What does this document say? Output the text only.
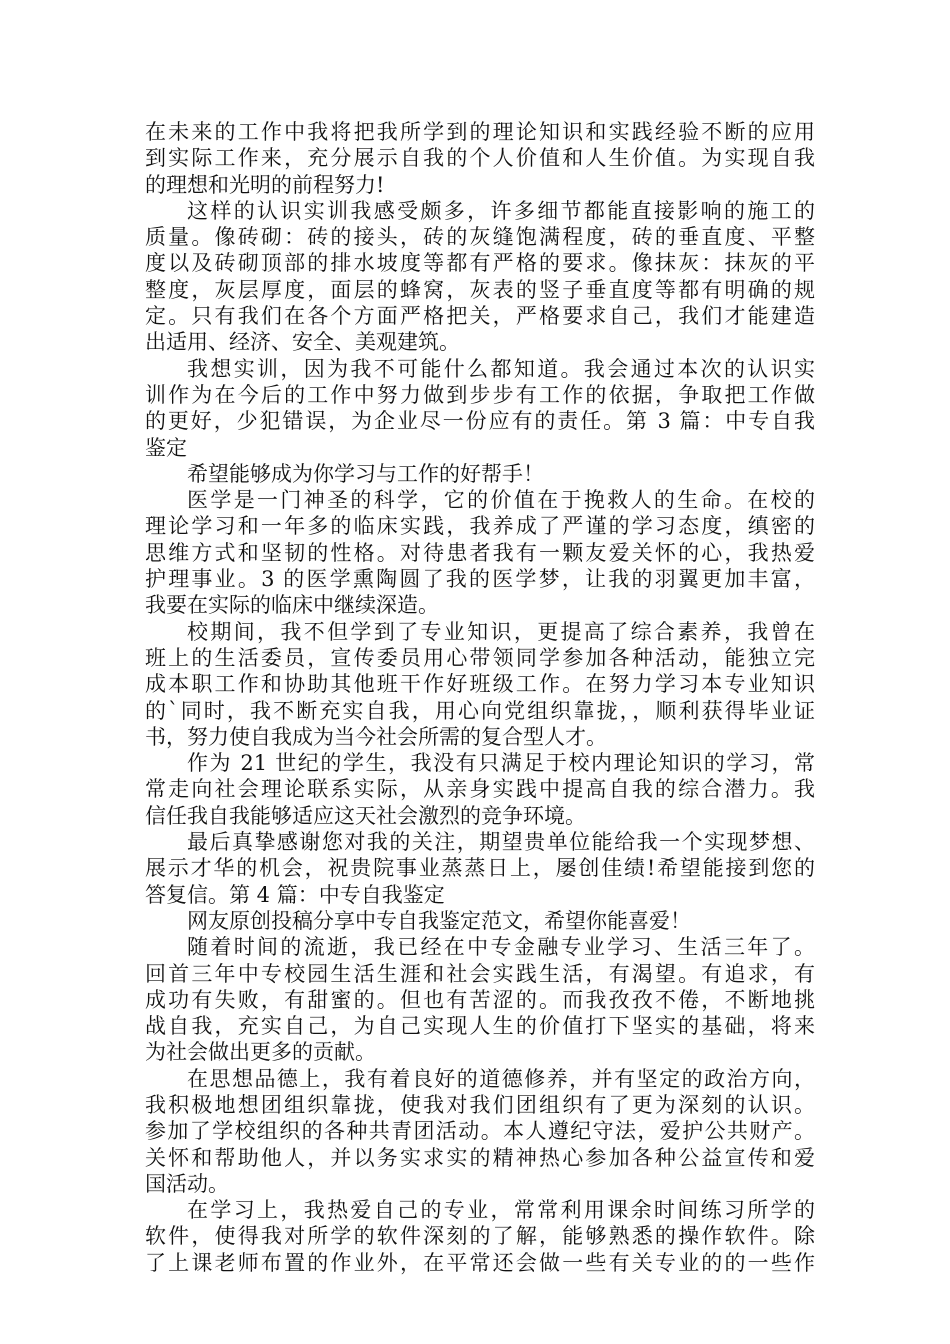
在未来的工作中我将把我所学到的理论知识和实践经验不断的应用
到实际工作来，充分展示自我的个人价值和人生价值。为实现自我
的理想和光明的前程努力!
这样的认识实训我感受颇多，许多细节都能直接影响的施工的
质量。像砖砌：砖的接头，砖的灰缝饱满程度，砖的垂直度、平整
度以及砖砌顶部的排水坡度等都有严格的要求。像抹灰：抹灰的平
整度，灰层厚度，面层的蜂窝，灰表的竖子垂直度等都有明确的规
定。只有我们在各个方面严格把关，严格要求自己，我们才能建造
出适用、经济、安全、美观建筑。
我想实训，因为我不可能什么都知道。我会通过本次的认识实
训作为在今后的工作中努力做到步步有工作的依据，争取把工作做
的更好，少犯错误，为企业尽一份应有的责任。第 3 篇：中专自我
鉴定
希望能够成为你学习与工作的好帮手！
医学是一门神圣的科学，它的价值在于挽救人的生命。在校的
理论学习和一年多的临床实践，我养成了严谨的学习态度，缜密的
思维方式和坚韧的性格。对待患者我有一颗友爱关怀的心，我热爱
护理事业。3 的医学熏陶圆了我的医学梦，让我的羽翼更加丰富，
我要在实际的临床中继续深造。
校期间，我不但学到了专业知识，更提高了综合素养，我曾在
班上的生活委员，宣传委员用心带领同学参加各种活动，能独立完
成本职工作和协助其他班干作好班级工作。在努力学习本专业知识
的`同时，我不断充实自我，用心向党组织靠拢，，顺利获得毕业证
书，努力使自我成为当今社会所需的复合型人才。
作为 21 世纪的学生，我没有只满足于校内理论知识的学习，常
常走向社会理论联系实际，从亲身实践中提高自我的综合潜力。我
信任我自我能够适应这天社会激烈的竞争环境。
最后真挚感谢您对我的关注，期望贵单位能给我一个实现梦想、
展示才华的机会，祝贵院事业蒸蒸日上，屡创佳绩!希望能接到您的
答复信。第 4 篇：中专自我鉴定
网友原创投稿分享中专自我鉴定范文，希望你能喜爱！
随着时间的流逝，我已经在中专金融专业学习、生活三年了。
回首三年中专校园生活生涯和社会实践生活，有渴望。有追求，有
成功有失败，有甜蜜的。但也有苦涩的。而我孜孜不倦，不断地挑
战自我，充实自己，为自己实现人生的价值打下坚实的基础，将来
为社会做出更多的贡献。
在思想品德上，我有着良好的道德修养，并有坚定的政治方向，
我积极地想团组织靠拢，使我对我们团组织有了更为深刻的认识。
参加了学校组织的各种共青团活动。本人遵纪守法，爱护公共财产。
关怀和帮助他人，并以务实求实的精神热心参加各种公益宣传和爱
国活动。
在学习上，我热爱自己的专业，常常利用课余时间练习所学的
软件，使得我对所学的软件深刻的了解，能够熟悉的操作软件。除
了上课老师布置的作业外，在平常还会做一些有关专业的的一些作
